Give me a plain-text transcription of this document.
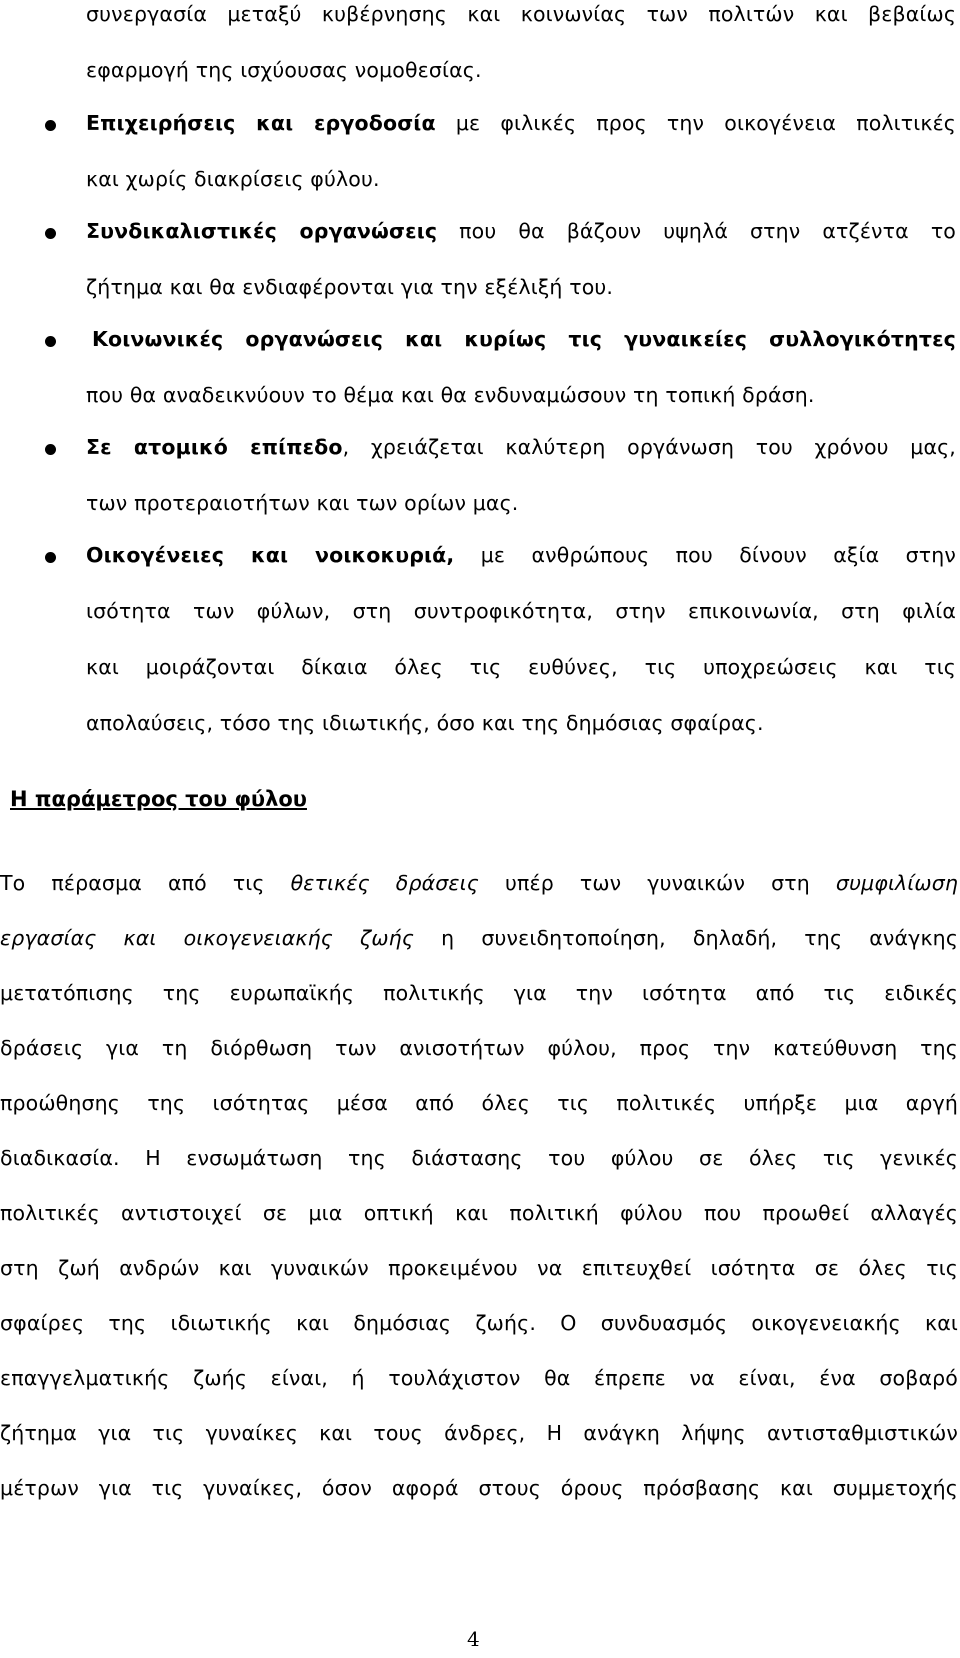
συνεργασία μεταξύ κυβέρνησης και κοινωνίας των πολιτών και βεβαίως
εφαρμογή της ισχύουσας νομοθεσίας.
Επιχειρήσεις και εργοδοσία με φιλικές προς την οικογένεια πολιτικές
και χωρίς διακρίσεις φύλου.
Συνδικαλιστικές οργανώσεις που θα βάζουν υψηλά στην ατζέντα το
ζήτημα και θα ενδιαφέρονται για την εξέλιξή του.
Κοινωνικές οργανώσεις και κυρίως τις γυναικείες συλλογικότητες
που θα αναδεικνύουν το θέμα και θα ενδυναμώσουν τη τοπική δράση.
Σε ατομικό επίπεδο, χρειάζεται καλύτερη οργάνωση του χρόνου μας,
των προτεραιοτήτων και των ορίων μας.
Οικογένειες και νοικοκυριά, με ανθρώπους που δίνουν αξία στην
ισότητα των φύλων, στη συντροφικότητα, στην επικοινωνία, στη φιλία
και μοιράζονται δίκαια όλες τις ευθύνες, τις υποχρεώσεις και τις
απολαύσεις, τόσο της ιδιωτικής, όσο και της δημόσιας σφαίρας.
Η παράμετρος του φύλου
Το πέρασμα από τις θετικές δράσεις υπέρ των γυναικών στη συμφιλίωση
εργασίας και οικογενειακής ζωής η συνειδητοποίηση, δηλαδή, της ανάγκης
μετατόπισης της ευρωπαϊκής πολιτικής για την ισότητα από τις ειδικές
δράσεις για τη διόρθωση των ανισοτήτων φύλου, προς την κατεύθυνση της
προώθησης της ισότητας μέσα από όλες τις πολιτικές υπήρξε μια αργή
διαδικασία. Η ενσωμάτωση της διάστασης του φύλου σε όλες τις γενικές
πολιτικές αντιστοιχεί σε μια οπτική και πολιτική φύλου που προωθεί αλλαγές
στη ζωή ανδρών και γυναικών προκειμένου να επιτευχθεί ισότητα σε όλες τις
σφαίρες της ιδιωτικής και δημόσιας ζωής. Ο συνδυασμός οικογενειακής και
επαγγελματικής ζωής είναι, ή τουλάχιστον θα έπρεπε να είναι, ένα σοβαρό
ζήτημα για τις γυναίκες και τους άνδρες, Η ανάγκη λήψης αντισταθμιστικών
μέτρων για τις γυναίκες, όσον αφορά στους όρους πρόσβασης και συμμετοχής
4
